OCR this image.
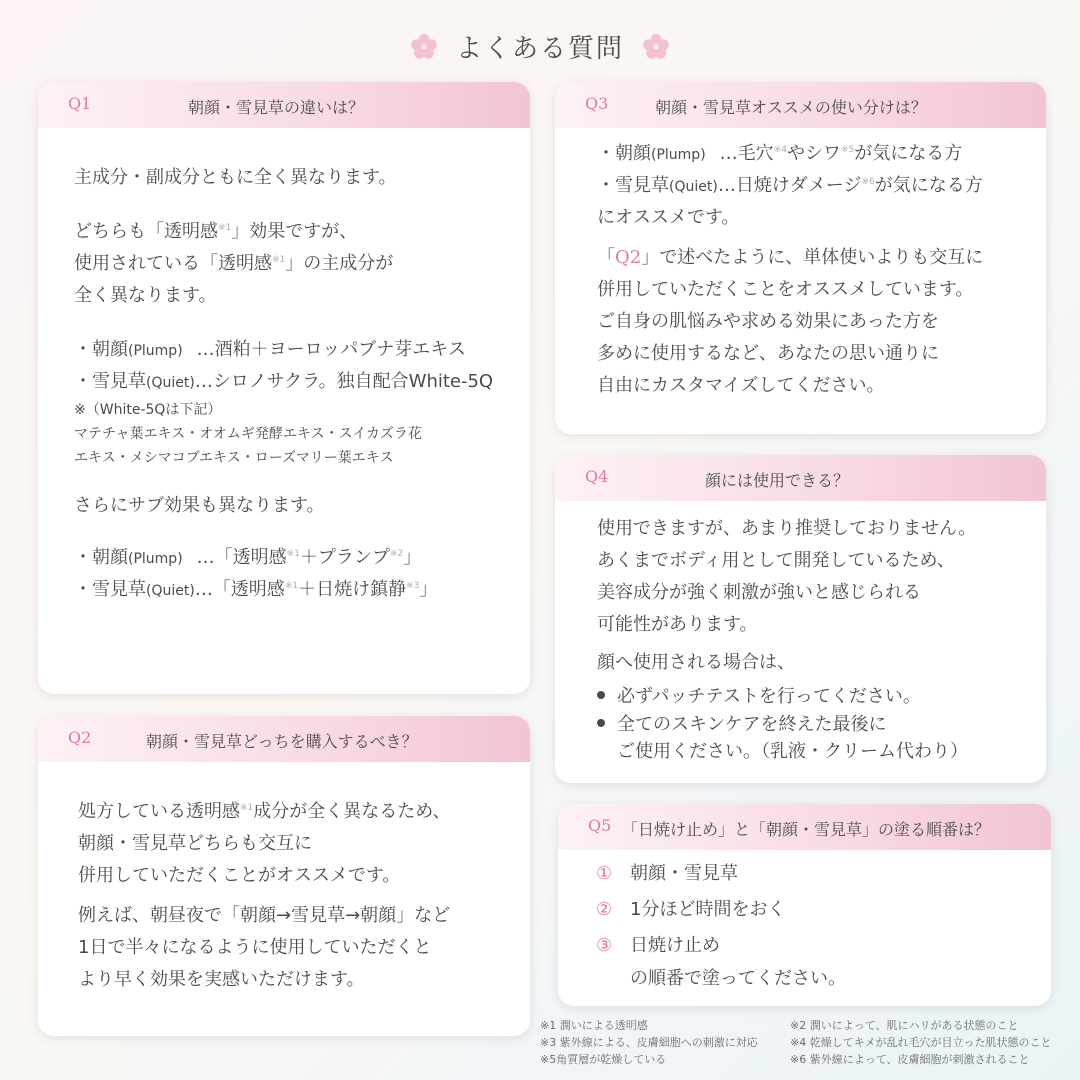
よくある質問
Q1	朝顔・雪見草の違いは？

主成分・副成分ともに全く異なります。

どちらも「透明感$^{※1}$」効果ですが、

使用されている「透明感$^{※1}$」の主成分が

全く異なります。

・朝顔(Plump) …酒粕＋ヨーロッパブナ芽エキス

・雪見草(Quiet)…シロノサクラ。独自配合White-5Q

※（White-5Qは下記）

マテチャ葉エキス・オオムギ発酵エキス・スイカズラ花

エキス・メシマコブエキス・ローズマリー葉エキス

さらにサブ効果も異なります。

・朝顔(Plump) …「透明感$^{※1}$＋プランプ$^{※2}$」

・雪見草(Quiet)…「透明感$^{※1}$＋日焼け鎮静$^{※3}$」

Q2	朝顔・雪見草どっちを購入するべき？

処方している透明感$^{※1}$成分が全く異なるため、

朝顔・雪見草どちらも交互に

併用していただくことがオススメです。

例えば、朝昼夜で「朝顔→雪見草→朝顔」など

1日で半々になるように使用していただくと

より早く効果を実感いただけます。

Q3	朝顔・雪見草オススメの使い分けは？

・朝顔(Plump) …毛穴$^{※4}$やシワ$^{※5}$が気になる方

・雪見草(Quiet)…日焼けダメージ$^{※6}$が気になる方

にオススメです。

「Q2」で述べたように、単体使いよりも交互に

併用していただくことをオススメしています。

ご自身の肌悩みや求める効果にあった方を

多めに使用するなど、あなたの思い通りに

自由にカスタマイズしてください。

Q4	顔には使用できる？

使用できますが、あまり推奨しておりません。

あくまでボディ用として開発しているため、

美容成分が強く刺激が強いと感じられる

可能性があります。

顔へ使用される場合は、

必ずパッチテストを行ってください。

全てのスキンケアを終えた最後に

ご使用ください。（乳液・クリーム代わり）

Q5 「日焼け止め」と「朝顔・雪見草」の塗る順番は？

① 朝顔・雪見草

② 1分ほど時間をおく

③ 日焼け止め

の順番で塗ってください。

※1 潤いによる透明感
※3 紫外線による、皮膚細胞への刺激に対応
※5角質層が乾燥している
※2 潤いによって、肌にハリがある状態のこと
※4 乾燥してキメが乱れ毛穴が目立った肌状態のこと
※6 紫外線によって、皮膚細胞が刺激されること
